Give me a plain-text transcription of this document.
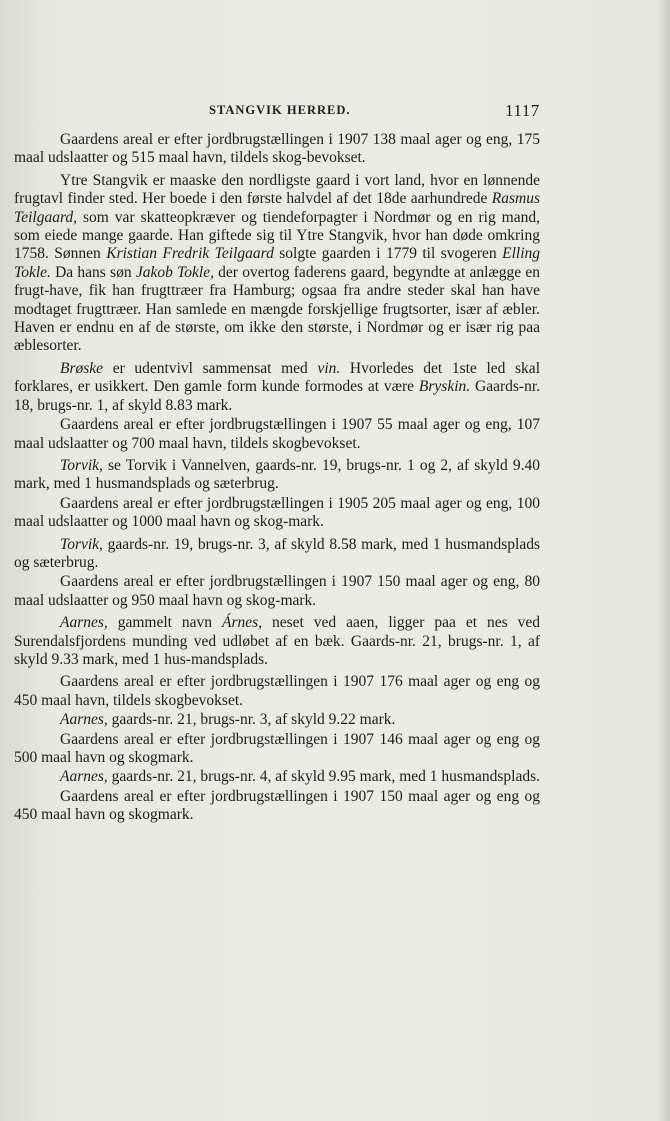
STANGVIK HERRED.	1117

Gaardens areal er efter jordbrugstællingen i 1907 138 maal ager og eng, 175 maal udslaatter og 515 maal havn, tildels skog-bevokset.

Ytre Stangvik er maaske den nordligste gaard i vort land, hvor en lønnende frugtavl finder sted. Her boede i den første halvdel af det 18de aarhundrede Rasmus Teilgaard, som var skatteopkræver og tiendeforpagter i Nordmør og en rig mand, som eiede mange gaarde. Han giftede sig til Ytre Stangvik, hvor han døde omkring 1758. Sønnen Kristian Fredrik Teilgaard solgte gaarden i 1779 til svogeren Elling Tokle. Da hans søn Jakob Tokle, der overtog faderens gaard, begyndte at anlægge en frugt-have, fik han frugttræer fra Hamburg; ogsaa fra andre steder skal han have modtaget frugttræer. Han samlede en mængde forskjellige frugtsorter, især af æbler. Haven er endnu en af de største, om ikke den største, i Nordmør og er især rig paa æblesorter.

Brøske er udentvivl sammensat med vin. Hvorledes det 1ste led skal forklares, er usikkert. Den gamle form kunde formodes at være Bryskin. Gaards-nr. 18, brugs-nr. 1, af skyld 8.83 mark.

Gaardens areal er efter jordbrugstællingen i 1907 55 maal ager og eng, 107 maal udslaatter og 700 maal havn, tildels skogbevokset.

Torvik, se Torvik i Vannelven, gaards-nr. 19, brugs-nr. 1 og 2, af skyld 9.40 mark, med 1 husmandsplads og sæterbrug.

Gaardens areal er efter jordbrugstællingen i 1905 205 maal ager og eng, 100 maal udslaatter og 1000 maal havn og skog-mark.

Torvik, gaards-nr. 19, brugs-nr. 3, af skyld 8.58 mark, med 1 husmandsplads og sæterbrug.

Gaardens areal er efter jordbrugstællingen i 1907 150 maal ager og eng, 80 maal udslaatter og 950 maal havn og skog-mark.

Aarnes, gammelt navn Árnes, neset ved aaen, ligger paa et nes ved Surendalsfjordens munding ved udløbet af en bæk. Gaards-nr. 21, brugs-nr. 1, af skyld 9.33 mark, med 1 hus-mandsplads.

Gaardens areal er efter jordbrugstællingen i 1907 176 maal ager og eng og 450 maal havn, tildels skogbevokset.

Aarnes, gaards-nr. 21, brugs-nr. 3, af skyld 9.22 mark.

Gaardens areal er efter jordbrugstællingen i 1907 146 maal ager og eng og 500 maal havn og skogmark.

Aarnes, gaards-nr. 21, brugs-nr. 4, af skyld 9.95 mark, med 1 husmandsplads.

Gaardens areal er efter jordbrugstællingen i 1907 150 maal ager og eng og 450 maal havn og skogmark.
